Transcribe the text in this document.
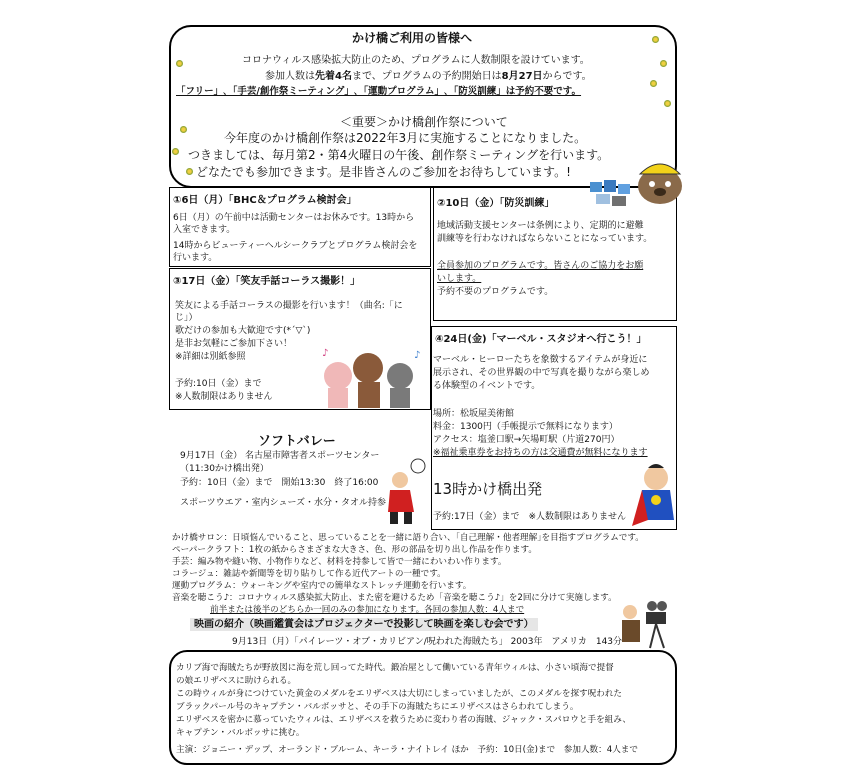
かけ橋ご利用の皆様へ
コロナウィルス感染拡大防止のため、プログラムに人数制限を設けています。
参加人数は先着4名まで、プログラムの予約開始日は8月27日からです。
「フリー」､「手芸/創作祭ミーティング」､「運動プログラム」､「防災訓練」は予約不要です。
＜重要＞かけ橋創作祭について
今年度のかけ橋創作祭は2022年3月に実施することになりました。
つきましては、毎月第2・第4火曜日の午後、創作祭ミーティングを行います。
どなたでも参加できます。是非皆さんのご参加をお待ちしています。!
①6日（月）「BHC＆プログラム検討会」
6日（月）の午前中は活動センターはお休みです。13時から
入室できます。
14時からビューティーヘルシークラブとプログラム検討会を
行います。
②10日（金）「防災訓練」
地域活動支援センターは条例により、定期的に避難
訓練等を行わなければならないことになっています。
全員参加のプログラムです。皆さんのご協力をお願
いします。
予約不要のプログラムです。
③17日（金）「笑友手話コーラス撮影！」
笑友による手話コーラスの撮影を行います！（曲名:「に
じ」）
歌だけの参加も大歓迎です(*´▽`)
是非お気軽にご参加下さい！
※詳細は別紙参照
予約:10日（金）まで
※人数制限はありません
④24日(金)「マーベル・スタジオへ行こう！」
マーベル・ヒーローたちを象徴するアイテムが身近に
展示され、その世界観の中で写真を撮りながら楽しめ
る体験型のイベントです。
場所：松坂屋美術館
料金：1300円（手帳提示で無料になります）
アクセス：塩釜口駅→矢場町駅（片道270円）
※福祉乗車券をお持ちの方は交通費が無料になります
13時かけ橋出発
予約:17日（金）まで　※人数制限はありません
ソフトバレー
9月17日（金） 名古屋市障害者スポーツセンター
（11:30かけ橋出発）
予約：10日（金）まで　開始13:30　終了16:00
スポーツウエア・室内シューズ・水分・タオル持参
かけ橋サロン：日頃悩んでいること、思っていることを一緒に語り合い、｢自己理解・他者理解｣を目指すプログラムです。
ペーパークラフト：1枚の紙からさまざまな大きさ、色、形の部品を切り出し作品を作ります。
手芸：編み物や縫い物、小物作りなど、材料を持参して皆で一緒にわいわい作ります。
コラージュ：雑誌や新聞等を切り貼りして作る近代アートの一種です。
運動プログラム：ウォーキングや室内での簡単なストレッチ運動を行います。
音楽を聴こう♪：コロナウィルス感染拡大防止、また密を避けるため「音楽を聴こう♪」を2回に分けて実施します。
前半または後半のどちらか一回のみの参加になります。各回の参加人数：4人まで
映画の紹介（映画鑑賞会はプロジェクターで投影して映画を楽しむ会です）
9月13日（月）｢パイレーツ・オブ・カリビアン/呪われた海賊たち」 2003年　アメリカ　143分
カリブ海で海賊たちが野放図に海を荒し回ってた時代。鍛冶屋として働いている青年ウィルは、小さい頃海で提督
の娘エリザベスに助けられる。
この時ウィルが身につけていた黄金のメダルをエリザベスは大切にしまっていましたが、このメダルを探す呪われた
ブラックパール号のキャプテン・バルボッサと、その手下の海賊たちにエリザベスはさらわれてしまう。
エリザベスを密かに慕っていたウィルは、エリザベスを救うために変わり者の海賊、ジャック・スパロウと手を組み、
キャプテン・バルボッサに挑む。
主演：ジョニー・デップ、オーランド・ブルーム、キーラ・ナイトレイ ほか　予約：10日(金)まで　参加人数：4人まで
♪	♪
